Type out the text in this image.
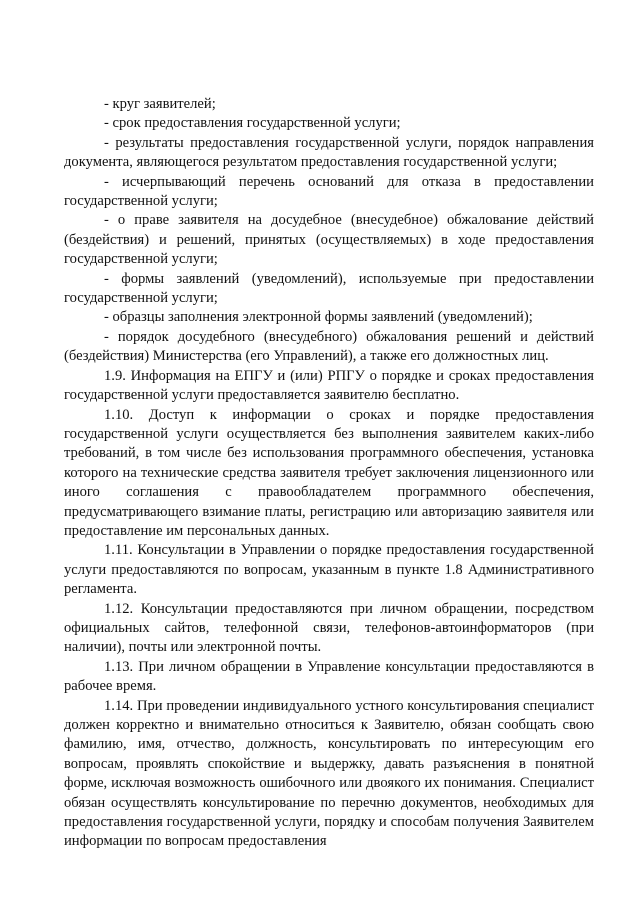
- круг заявителей;

- срок предоставления государственной услуги;

- результаты предоставления государственной услуги, порядок направления документа, являющегося результатом предоставления государственной услуги;

- исчерпывающий перечень оснований для отказа в предоставлении государственной услуги;

- о праве заявителя на досудебное (внесудебное) обжалование действий (бездействия) и решений, принятых (осуществляемых) в ходе предоставления государственной услуги;

- формы заявлений (уведомлений), используемые при предоставлении государственной услуги;

- образцы заполнения электронной формы заявлений (уведомлений);

- порядок досудебного (внесудебного) обжалования решений и действий (бездействия) Министерства (его Управлений), а также его должностных лиц.

1.9. Информация на ЕПГУ и (или) РПГУ о порядке и сроках предоставления государственной услуги предоставляется заявителю бесплатно.

1.10. Доступ к информации о сроках и порядке предоставления государственной услуги осуществляется без выполнения заявителем каких-либо требований, в том числе без использования программного обеспечения, установка которого на технические средства заявителя требует заключения лицензионного или иного соглашения с правообладателем программного обеспечения, предусматривающего взимание платы, регистрацию или авторизацию заявителя или предоставление им персональных данных.

1.11. Консультации в Управлении о порядке предоставления государственной услуги предоставляются по вопросам, указанным в пункте 1.8 Административного регламента.

1.12. Консультации предоставляются при личном обращении, посредством официальных сайтов, телефонной связи, телефонов-автоинформаторов (при наличии), почты или электронной почты.

1.13. При личном обращении в Управление консультации предоставляются в рабочее время.

1.14. При проведении индивидуального устного консультирования специалист должен корректно и внимательно относиться к Заявителю, обязан сообщать свою фамилию, имя, отчество, должность, консультировать по интересующим его вопросам, проявлять спокойствие и выдержку, давать разъяснения в понятной форме, исключая возможность ошибочного или двоякого их понимания. Специалист обязан осуществлять консультирование по перечню документов, необходимых для предоставления государственной услуги, порядку и способам получения Заявителем информации по вопросам предоставления
